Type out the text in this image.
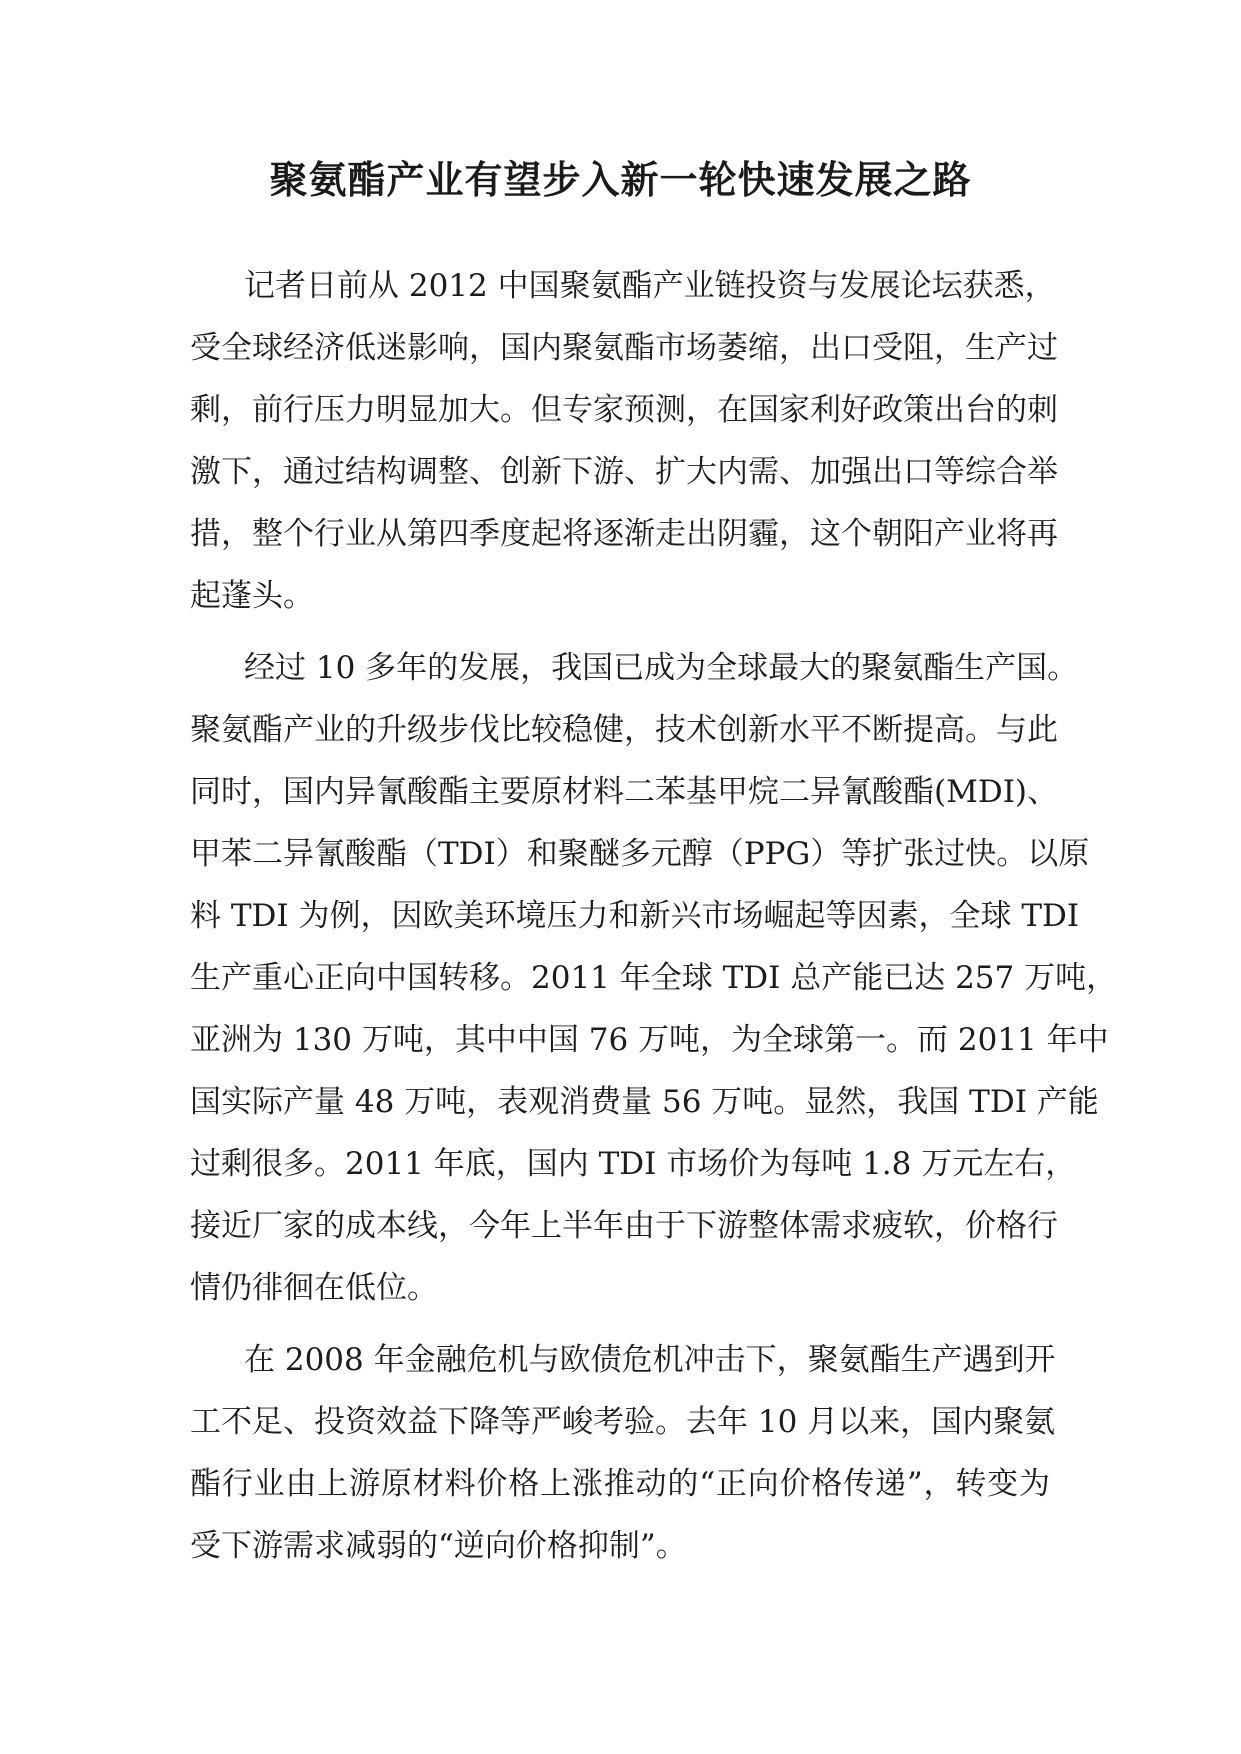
聚氨酯产业有望步入新一轮快速发展之路
记者日前从 2012 中国聚氨酯产业链投资与发展论坛获悉，
受全球经济低迷影响，国内聚氨酯市场萎缩，出口受阻，生产过
剩，前行压力明显加大。但专家预测，在国家利好政策出台的刺
激下，通过结构调整、创新下游、扩大内需、加强出口等综合举
措，整个行业从第四季度起将逐渐走出阴霾，这个朝阳产业将再
起蓬头。
经过 10 多年的发展，我国已成为全球最大的聚氨酯生产国。
聚氨酯产业的升级步伐比较稳健，技术创新水平不断提高。与此
同时，国内异氰酸酯主要原材料二苯基甲烷二异氰酸酯(MDI)、
甲苯二异氰酸酯（TDI）和聚醚多元醇（PPG）等扩张过快。以原
料 TDI 为例，因欧美环境压力和新兴市场崛起等因素，全球 TDI
生产重心正向中国转移。2011 年全球 TDI 总产能已达 257 万吨，
亚洲为 130 万吨，其中中国 76 万吨，为全球第一。而 2011 年中
国实际产量 48 万吨，表观消费量 56 万吨。显然，我国 TDI 产能
过剩很多。2011 年底，国内 TDI 市场价为每吨 1.8 万元左右，
接近厂家的成本线，今年上半年由于下游整体需求疲软，价格行
情仍徘徊在低位。
在 2008 年金融危机与欧债危机冲击下，聚氨酯生产遇到开
工不足、投资效益下降等严峻考验。去年 10 月以来，国内聚氨
酯行业由上游原材料价格上涨推动的“正向价格传递”，转变为
受下游需求减弱的“逆向价格抑制”。
